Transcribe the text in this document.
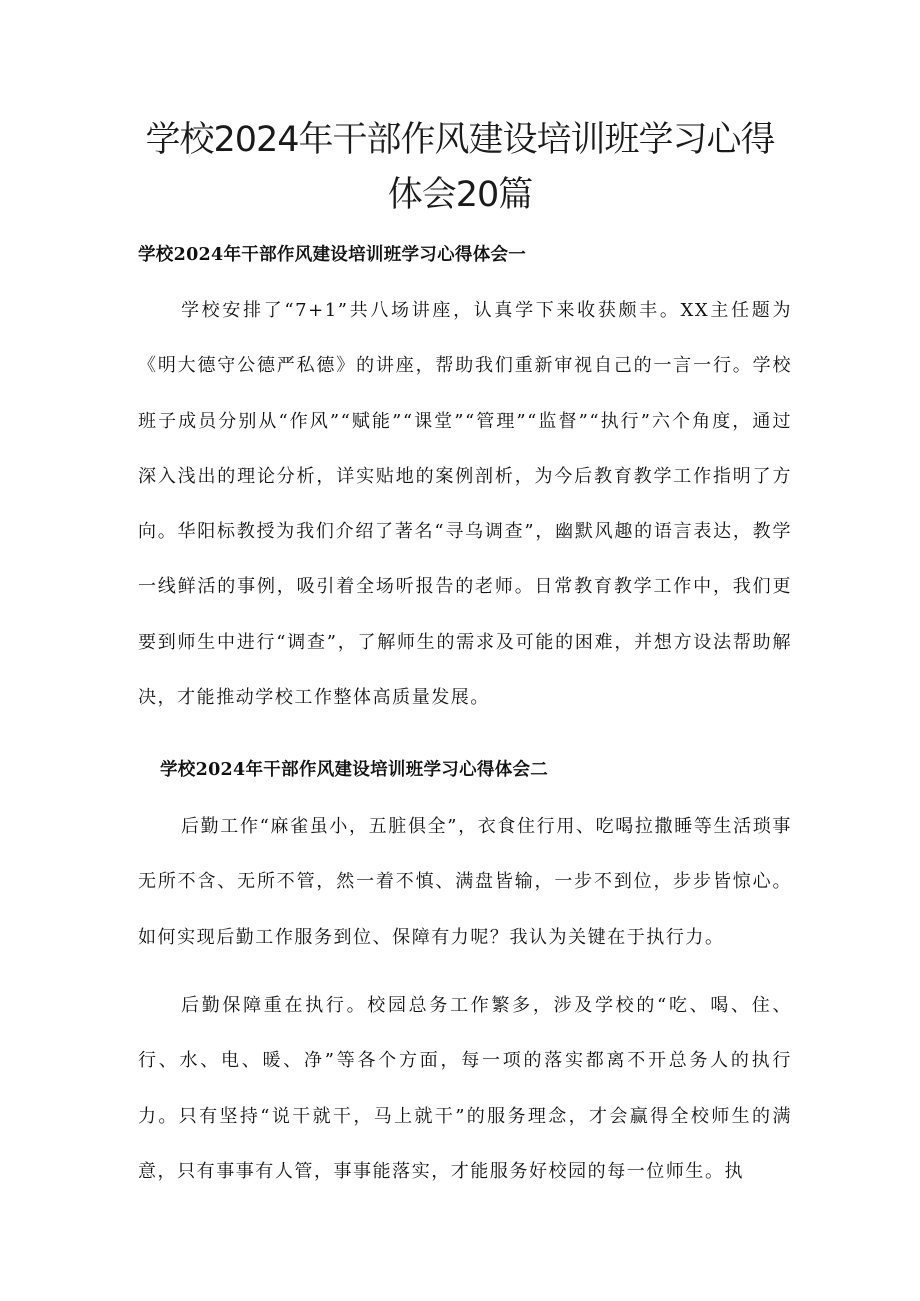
学校2024年干部作风建设培训班学习心得
体会20篇
学校2024年干部作风建设培训班学习心得体会一

学校安排了“7+1”共八场讲座，认真学下来收获颇丰。XX主任题为《明大德守公德严私德》的讲座，帮助我们重新审视自己的一言一行。学校班子成员分别从“作风”“赋能”“课堂”“管理”“监督”“执行”六个角度，通过深入浅出的理论分析，详实贴地的案例剖析，为今后教育教学工作指明了方向。华阳标教授为我们介绍了著名“寻乌调查”，幽默风趣的语言表达，教学一线鲜活的事例，吸引着全场听报告的老师。日常教育教学工作中，我们更要到师生中进行“调查”，了解师生的需求及可能的困难，并想方设法帮助解决，才能推动学校工作整体高质量发展。

学校2024年干部作风建设培训班学习心得体会二

后勤工作“麻雀虽小，五脏俱全”，衣食住行用、吃喝拉撒睡等生活琐事无所不含、无所不管，然一着不慎、满盘皆输，一步不到位，步步皆惊心。如何实现后勤工作服务到位、保障有力呢？我认为关键在于执行力。

后勤保障重在执行。校园总务工作繁多，涉及学校的“吃、喝、住、行、水、电、暖、净”等各个方面，每一项的落实都离不开总务人的执行力。只有坚持“说干就干，马上就干”的服务理念，才会赢得全校师生的满意，只有事事有人管，事事能落实，才能服务好校园的每一位师生。执
